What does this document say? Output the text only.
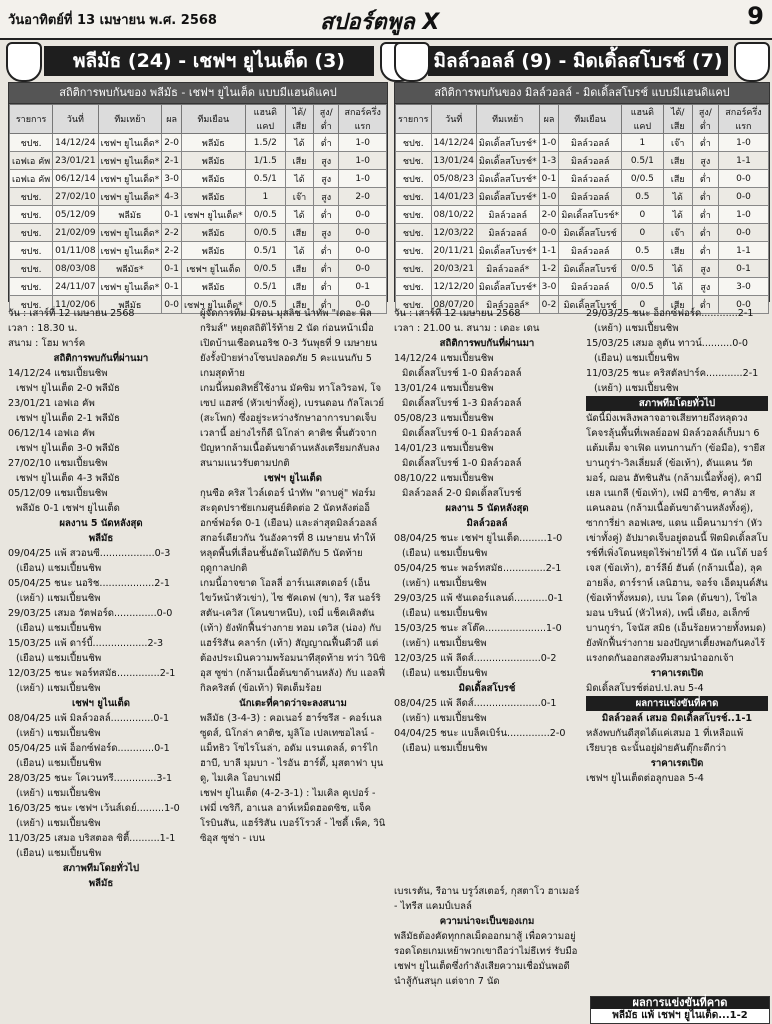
วันอาทิตย์ที่ 13 เมษายน พ.ศ. 2568	สปอร์ตพูล X	9
พลีมัธ (24) - เชฟฯ ยูไนเต็ด (3)	มิลล์วอลล์ (9) - มิดเดิ้ลสโบรช์ (7)
สถิติการพบกันของ พลีมัธ - เชฟฯ ยูไนเต็ด แบบมีแฮนดิแคป
รายการ	วันที่	ทีมเหย้า	ผล	ทีมเยือน	แฮนดิแคป	ได้/เสีย	สูง/ต่ำ	สกอร์ครึ่งแรก
ชปช.	14/12/24	เชฟฯ ยูไนเต็ด*	2-0	พลีมัธ	1.5/2	ได้	ต่ำ	1-0
เอฟเอ คัพ	23/01/21	เชฟฯ ยูไนเต็ด*	2-1	พลีมัธ	1/1.5	เสีย	สูง	1-0
เอฟเอ คัพ	06/12/14	เชฟฯ ยูไนเต็ด*	3-0	พลีมัธ	0.5/1	ได้	สูง	1-0
ชปช.	27/02/10	เชฟฯ ยูไนเต็ด*	4-3	พลีมัธ	1	เจ๊า	สูง	2-0
ชปช.	05/12/09	พลีมัธ	0-1	เชฟฯ ยูไนเต็ด*	0/0.5	ได้	ต่ำ	0-0
ชปช.	21/02/09	เชฟฯ ยูไนเต็ด*	2-2	พลีมัธ	0/0.5	เสีย	สูง	0-0
ชปช.	01/11/08	เชฟฯ ยูไนเต็ด*	2-2	พลีมัธ	0.5/1	ได้	ต่ำ	0-0
ชปช.	08/03/08	พลีมัธ*	0-1	เชฟฯ ยูไนเต็ด	0/0.5	เสีย	ต่ำ	0-0
ชปช.	24/11/07	เชฟฯ ยูไนเต็ด*	0-1	พลีมัธ	0.5/1	เสีย	ต่ำ	0-1
ชปช.	11/02/06	พลีมัธ	0-0	เชฟฯ ยูไนเต็ด*	0/0.5	เสีย	ต่ำ	0-0
สถิติการพบกันของ มิลล์วอลล์ - มิดเดิ้ลสโบรช์ แบบมีแฮนดิแคป
รายการ	วันที่	ทีมเหย้า	ผล	ทีมเยือน	แฮนดิแคป	ได้/เสีย	สูง/ต่ำ	สกอร์ครึ่งแรก
ชปช.	14/12/24	มิดเดิ้ลสโบรช์*	1-0	มิลล์วอลล์	1	เจ๊า	ต่ำ	1-0
ชปช.	13/01/24	มิดเดิ้ลสโบรช์*	1-3	มิลล์วอลล์	0.5/1	เสีย	สูง	1-1
ชปช.	05/08/23	มิดเดิ้ลสโบรช์*	0-1	มิลล์วอลล์	0/0.5	เสีย	ต่ำ	0-0
ชปช.	14/01/23	มิดเดิ้ลสโบรช์*	1-0	มิลล์วอลล์	0.5	ได้	ต่ำ	0-0
ชปช.	08/10/22	มิลล์วอลล์	2-0	มิดเดิ้ลสโบรช์*	0	ได้	ต่ำ	1-0
ชปช.	12/03/22	มิลล์วอลล์	0-0	มิดเดิ้ลสโบรช์	0	เจ๊า	ต่ำ	0-0
ชปช.	20/11/21	มิดเดิ้ลสโบรช์*	1-1	มิลล์วอลล์	0.5	เสีย	ต่ำ	1-1
ชปช.	20/03/21	มิลล์วอลล์*	1-2	มิดเดิ้ลสโบรช์	0/0.5	ได้	สูง	0-1
ชปช.	12/12/20	มิดเดิ้ลสโบรช์*	3-0	มิลล์วอลล์	0/0.5	ได้	สูง	3-0
ชปช.	08/07/20	มิลล์วอลล์*	0-2	มิดเดิ้ลสโบรช์	0	เสีย	ต่ำ	0-0

วัน : เสาร์ที่ 12 เมษายน 2568

เวลา : 18.30 น.

สนาม : โฮม พาร์ค

สถิติการพบกันที่ผ่านมา

14/12/24 แชมเปี้ยนชิพ

เชฟฯ ยูไนเต็ด 2-0 พลีมัธ

23/01/21 เอฟเอ คัพ

เชฟฯ ยูไนเต็ด 2-1 พลีมัธ

06/12/14 เอฟเอ คัพ

เชฟฯ ยูไนเต็ด 3-0 พลีมัธ

27/02/10 แชมเปี้ยนชิพ

เชฟฯ ยูไนเต็ด 4-3 พลีมัธ

05/12/09 แชมเปี้ยนชิพ

พลีมัธ 0-1 เชฟฯ ยูไนเต็ด

ผลงาน 5 นัดหลังสุด

พลีมัธ

09/04/25 แพ้ สวอนซี..................0-3

(เยือน) แชมเปี้ยนชิพ

05/04/25 ชนะ นอริช..................2-1

(เหย้า) แชมเปี้ยนชิพ

29/03/25 เสมอ วัตฟอร์ด..............0-0

(เยือน) แชมเปี้ยนชิพ

15/03/25 แพ้ ดาร์บี้..................2-3

(เยือน) แชมเปี้ยนชิพ

12/03/25 ชนะ พอร์ทสมัธ..............2-1

(เหย้า) แชมเปี้ยนชิพ

เชฟฯ ยูไนเต็ด

08/04/25 แพ้ มิลล์วอลล์..............0-1

(เหย้า) แชมเปี้ยนชิพ

05/04/25 แพ้ อ็อกซ์ฟอร์ด............0-1

(เยือน) แชมเปี้ยนชิพ

28/03/25 ชนะ โคเวนทรี..............3-1

(เหย้า) แชมเปี้ยนชิพ

16/03/25 ชนะ เชฟฯ เว้นส์เดย์.........1-0

(เหย้า) แชมเปี้ยนชิพ

11/03/25 เสมอ บริสตอล ซิตี้..........1-1

(เยือน) แชมเปี้ยนชิพ

สภาพทีมโดยทั่วไป

พลีมัธ

ผู้จัดการทีม มิรอน มุสลิช นำทัพ "เดอะ พิลกริมส์" หยุดสถิติไร้ท้าย 2 นัด ก่อนหน้าเมื่อเปิดบ้านเชือดนอริช 0-3 วันพุธที่ 9 เมษายน ยังรั้งป้ายห่างโซนปลอดภัย 5 คะแนนกับ 5 เกมสุดท้าย

เกมนี้หมดสิทธิ์ใช้งาน มัคซิม ทาโลวิรอฟ, โจเซป แฮสซ์ (หัวเข่าทั้งคู่), เบรนดอน กัลโลเวย์ (สะโพก) ซึ่งอยู่ระหว่างรักษาอาการบาดเจ็บเวลานี้ อย่างไรก็ดี นิโกล่า คาติช พื้นตัวจากปัญหากล้ามเนื้อต้นขาด้านหลังเตรียมกลับลงสนามแนวรับตามปกติ

เชฟฯ ยูไนเต็ด

กุนซือ คริส ไวล์เดอร์ นำทัพ "ดาบคู่" ฟอร์มสะดุดปราชัยเกมศูนย์ติดต่อ 2 นัดหลังต่ออ็อกซ์ฟอร์ด 0-1 (เยือน) และล่าสุดมิลล์วอลล์สกอร์เดียวกัน วันอังคารที่ 8 เมษายน ทำให้หลุดพื้นที่เลื่อนชั้นอัตโนมัติกับ 5 นัดท้ายฤดูกาลปกติ

เกมนี้อาจขาด โอลลี่ อาร์เนเสตเดอร์ (เอ็นไขว้หน้าหัวเข่า), ไซ ชัคเดฟ (ขา), รีส นอร์ริสตัน-เควิส (โคนขาหนีบ), เจมี่ แช็คเคิลตัน (เท้า) ยังพักฟื้นร่างกาย ทอม เดวิส (น่อง) กับ แฮร์ริสัน คลาร์ก (เท้า) สัญญาณฟื้นดีวดี แต่ต้องประเมินความพร้อมนาทีสุดท้าย ทว่า วินิซิอุส ซูซ่า (กล้ามเนื้อต้นขาด้านหลัง) กับ แอลฟี่ กิลคริสต์ (ข้อเท้า) ฟิตเต็มร้อย

นักเตะที่คาดว่าจะลงสนาม

พลีมัธ (3-4-3) : คอเนอร์ ฮาร์ซรีส - คอร์เนล ซูดส์, นิโกล่า คาติช, มูลิโอ เปลเทซอไลน์ - แม็ทธิว โซไรโนล่า, อดัม แรนเดลล์, ดาร์ไก ฮาบี, บาลี มุมบา - ไรอัน ฮาร์ดี้, มุสตาฟา บุนดู, ไมเคิล โอบาเฟมี่

เชฟฯ ยูไนเต็ด (4-2-3-1) : ไมเคิล คูเปอร์ - เฟมี่ เซริกี, อาเนล อาห์เหม็ดฮอดซิช, แจ็ค โรบินสัน, แฮร์ริสัน เบอร์โรวส์ - ไซดี้ เพ็ค, วินิซิอุส ซูซ่า - เบน

วัน : เสาร์ที่ 12 เมษายน 2568

เวลา : 21.00 น. สนาม : เดอะ เดน

สถิติการพบกันที่ผ่านมา

14/12/24 แชมเปี้ยนชิพ

มิดเดิ้ลสโบรช์ 1-0 มิลล์วอลล์

13/01/24 แชมเปี้ยนชิพ

มิดเดิ้ลสโบรช์ 1-3 มิลล์วอลล์

05/08/23 แชมเปี้ยนชิพ

มิดเดิ้ลสโบรช์ 0-1 มิลล์วอลล์

14/01/23 แชมเปี้ยนชิพ

มิดเดิ้ลสโบรช์ 1-0 มิลล์วอลล์

08/10/22 แชมเปี้ยนชิพ

มิลล์วอลล์ 2-0 มิดเดิ้ลสโบรช์

ผลงาน 5 นัดหลังสุด

มิลล์วอลล์

08/04/25 ชนะ เชฟฯ ยูไนเต็ด.........1-0

(เยือน) แชมเปี้ยนชิพ

05/04/25 ชนะ พอร์ทสมัธ..............2-1

(เหย้า) แชมเปี้ยนชิพ

29/03/25 แพ้ ซันเดอร์แลนด์...........0-1

(เยือน) แชมเปี้ยนชิพ

15/03/25 ชนะ สโต๊ค....................1-0

(เหย้า) แชมเปี้ยนชิพ

12/03/25 แพ้ ลีดส์......................0-2

(เยือน) แชมเปี้ยนชิพ

มิดเดิ้ลสโบรช์

08/04/25 แพ้ ลีดส์......................0-1

(เหย้า) แชมเปี้ยนชิพ

04/04/25 ชนะ แบล็คเบิร์น..............2-0

(เยือน) แชมเปี้ยนชิพ

เบรเรตัน, รีอาน บรูว์สเตอร์, กุสตาโว ฮาเมอร์ - ไทรีส แคมป์เบลล์

ความน่าจะเป็นของเกม

พลีมัธต้องคัดทุกกลเม็ดออกมาสู้ เพื่อความอยู่รอดโดยเกมเหย้าพวกเขาถือว่าไม่ธีเทร่ รับมือเชฟฯ ยูไนเต็ดซึ่งกำลังเสียความเชื่อมั่นพอดีนำสู้กันสนุก แต่จาก 7 นัด

29/03/25 ชนะ อ็อกซ์ฟอร์ด............2-1

(เหย้า) แชมเปี้ยนชิพ

15/03/25 เสมอ ลูตัน ทาวน์..........0-0

(เยือน) แชมเปี้ยนชิพ

11/03/25 ชนะ คริสตัลปาร์ค............2-1

(เหย้า) แชมเปี้ยนชิพ

สภาพทีมโดยทั่วไป

นัดนี้มิ่งเพลิงพลาจอาจเสียทายถึงหลุดวงโคจรลุ้นพื้นที่เพลย์ออฟ มิลล์วอลล์เก็บมา 6 แต้มเต็ม จาเฟิด แทนกานก้า (ข้อมือ), รายีส บานกูร่า-วิลเลี่ยมส์ (ข้อเท้า), ดันแคน วัตมอร์, ฌอน ฮัทชินสัน (กล้ามเนื้อทั้งคู่), คามีเยล เนเกลี (ข้อเท้า), เฟมี อาซีซ, คาลัม สแคนลอน (กล้ามเนื้อต้นขาด้านหลังทั้งคู่), ซาการี่ย่า ลอฟเลซ, แดน แม็คนามาร่า (หัวเข่าทั้งคู่) อัปมาดเจ็บอยู่ตอนนี้ ฟิตมิดเดิ้ลสโบรช์ที่เพิ่งโดนหยุดไร้พ่ายไว้ที่ 4 นัด เนโต้ บอร์เจส (ข้อเท้า), ฮาร์ลีย์ ฮันต์ (กล้ามเนื้อ), ลุค อายลิ่ง, ดาร์ราห์ เลนิฮาน, จอร์จ เอ็ดมุนด์สัน (ข้อเท้าทั้งหมด), เบน โดค (ต้นขา), โซไลมอน บรินน์ (หัวไหล่), เพนี่ เดียง, อเล็กซ์ บานกูร่า, โจนัส สมิธ (เอ็นร้อยหวายทั้งหมด) ยังพักฟื้นร่างกาย มองปัญหาเตี้ยงพอกันคงไร้แรงกดกันออกสองทีมสามนำออกเจ้า

ราคาเรตเปิด

มิดเดิ้ลสโบรช์ต่อป.ป.ลบ 5-4

ผลการแข่งขันที่คาด

มิลล์วอลล์ เสมอ มิดเดิ้ลสโบรช์..1-1

หลังพบกันดีสุดได้แค่เสมอ 1 ที่เหลือแพ้เรียบวุธ ฉะนั้นอยู่ฝ่ายคันตุ๊กะดีกว่า

ราคาเรตเปิด

เชฟฯ ยูไนเต็ดต่อลูกบอล 5-4

ผลการแข่งขันที่คาด
พลีมัธ แพ้ เชฟฯ ยูไนเต็ด...1-2
